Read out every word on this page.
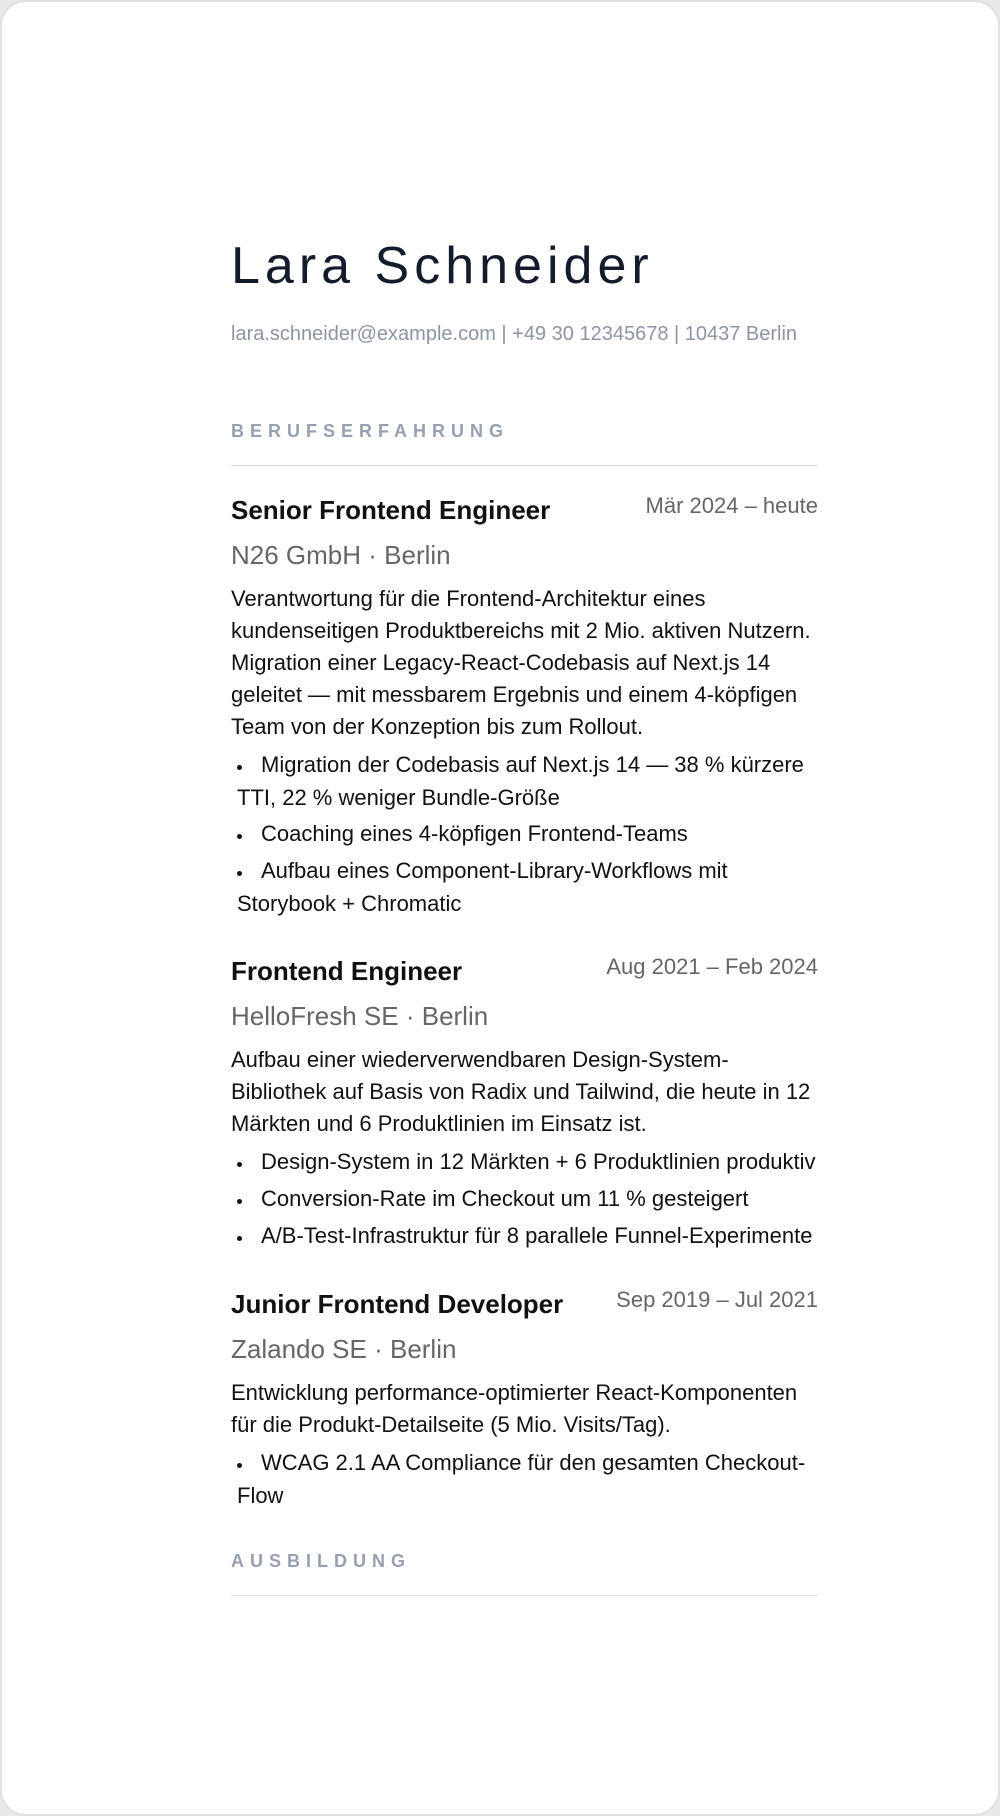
Lara Schneider
lara.schneider@example.com | +49 30 12345678 | 10437 Berlin
BERUFSERFAHRUNG
Senior Frontend Engineer	Mär 2024 – heute
N26 GmbH · Berlin
Verantwortung für die Frontend-Architektur eines kundenseitigen Produktbereichs mit 2 Mio. aktiven Nutzern. Migration einer Legacy-React-Codebasis auf Next.js 14 geleitet — mit messbarem Ergebnis und einem 4-köpfigen Team von der Konzeption bis zum Rollout.
• Migration der Codebasis auf Next.js 14 — 38 % kürzere TTI, 22 % weniger Bundle-Größe
• Coaching eines 4-köpfigen Frontend-Teams
• Aufbau eines Component-Library-Workflows mit Storybook + Chromatic
Frontend Engineer	Aug 2021 – Feb 2024
HelloFresh SE · Berlin
Aufbau einer wiederverwendbaren Design-System-Bibliothek auf Basis von Radix und Tailwind, die heute in 12 Märkten und 6 Produktlinien im Einsatz ist.
• Design-System in 12 Märkten + 6 Produktlinien produktiv
• Conversion-Rate im Checkout um 11 % gesteigert
• A/B-Test-Infrastruktur für 8 parallele Funnel-Experimente
Junior Frontend Developer Sep 2019 – Jul 2021
Zalando SE · Berlin
Entwicklung performance-optimierter React-Komponenten für die Produkt-Detailseite (5 Mio. Visits/Tag).
• WCAG 2.1 AA Compliance für den gesamten Checkout-Flow
AUSBILDUNG
